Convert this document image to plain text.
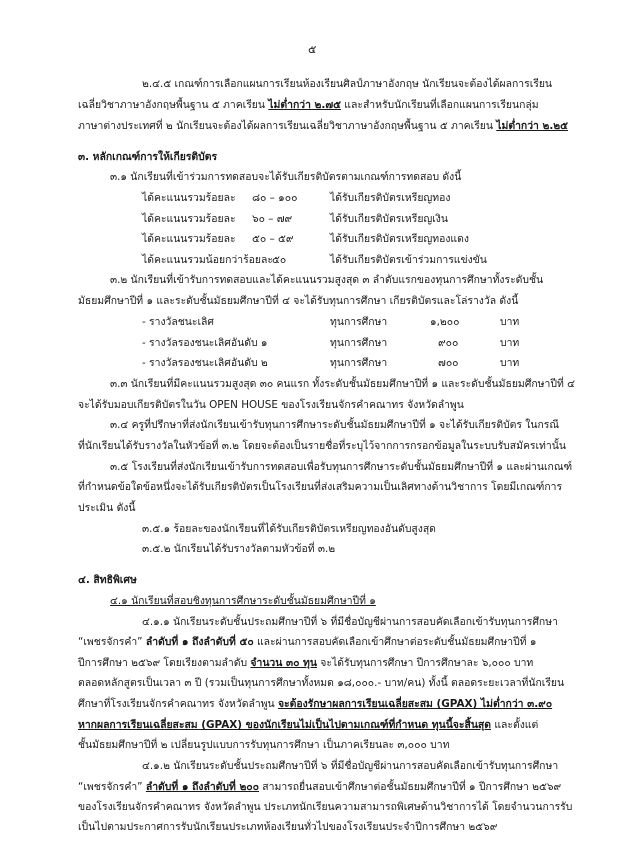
๕
๒.๔.๕ เกณฑ์การเลือกแผนการเรียนห้องเรียนศิลป์ภาษาอังกฤษ นักเรียนจะต้องได้ผลการเรียน
เฉลี่ยวิชาภาษาอังกฤษพื้นฐาน ๕ ภาคเรียน ไม่ต่ำกว่า ๒.๗๕ และสำหรับนักเรียนที่เลือกแผนการเรียนกลุ่ม
ภาษาต่างประเทศที่ ๒ นักเรียนจะต้องได้ผลการเรียนเฉลี่ยวิชาภาษาอังกฤษพื้นฐาน ๕ ภาคเรียน ไม่ต่ำกว่า ๒.๒๕
๓. หลักเกณฑ์การให้เกียรติบัตร
๓.๑ นักเรียนที่เข้าร่วมการทดสอบจะได้รับเกียรติบัตรตามเกณฑ์การทดสอบ ดังนี้
ได้คะแนนรวมร้อยละ ๘๐ – ๑๐๐	ได้รับเกียรติบัตรเหรียญทอง
ได้คะแนนรวมร้อยละ ๖๐ – ๗๙	ได้รับเกียรติบัตรเหรียญเงิน
ได้คะแนนรวมร้อยละ ๕๐ – ๕๙	ได้รับเกียรติบัตรเหรียญทองแดง
ได้คะแนนรวมน้อยกว่าร้อยละ ๕๐	ได้รับเกียรติบัตรเข้าร่วมการแข่งขัน
๓.๒ นักเรียนที่เข้ารับการทดสอบและได้คะแนนรวมสูงสุด ๓ ลำดับแรกของทุนการศึกษาทั้งระดับชั้น
มัธยมศึกษาปีที่ ๑ และระดับชั้นมัธยมศึกษาปีที่ ๔ จะได้รับทุนการศึกษา เกียรติบัตรและโล่รางวัล ดังนี้
- รางวัลชนะเลิศ	ทุนการศึกษา	๑,๒๐๐	บาท
- รางวัลรองชนะเลิศอันดับ ๑	ทุนการศึกษา	๙๐๐	บาท
- รางวัลรองชนะเลิศอันดับ ๒	ทุนการศึกษา	๗๐๐	บาท
๓.๓ นักเรียนที่มีคะแนนรวมสูงสุด ๓๐ คนแรก ทั้งระดับชั้นมัธยมศึกษาปีที่ ๑ และระดับชั้นมัธยมศึกษาปีที่ ๔
จะได้รับมอบเกียรติบัตรในวัน OPEN HOUSE ของโรงเรียนจักรคำคณาทร จังหวัดลำพูน
๓.๔ ครูที่ปรึกษาที่ส่งนักเรียนเข้ารับทุนการศึกษาระดับชั้นมัธยมศึกษาปีที่ ๑ จะได้รับเกียรติบัตร ในกรณี
ที่นักเรียนได้รับรางวัลในหัวข้อที่ ๓.๒ โดยจะต้องเป็นรายชื่อที่ระบุไว้จากการกรอกข้อมูลในระบบรับสมัครเท่านั้น
๓.๕ โรงเรียนที่ส่งนักเรียนเข้ารับการทดสอบเพื่อรับทุนการศึกษาระดับชั้นมัธยมศึกษาปีที่ ๑ และผ่านเกณฑ์
ที่กำหนดข้อใดข้อหนึ่งจะได้รับเกียรติบัตรเป็นโรงเรียนที่ส่งเสริมความเป็นเลิศทางด้านวิชาการ โดยมีเกณฑ์การ
ประเมิน ดังนี้
๓.๕.๑ ร้อยละของนักเรียนที่ได้รับเกียรติบัตรเหรียญทองอันดับสูงสุด
๓.๕.๒ นักเรียนได้รับรางวัลตามหัวข้อที่ ๓.๒
๔. สิทธิพิเศษ
๔.๑ นักเรียนที่สอบชิงทุนการศึกษาระดับชั้นมัธยมศึกษาปีที่ ๑
๔.๑.๑ นักเรียนระดับชั้นประถมศึกษาปีที่ ๖ ที่มีชื่อบัญชีผ่านการสอบคัดเลือกเข้ารับทุนการศึกษา
“เพชรจักรคำ” ลำดับที่ ๑ ถึงลำดับที่ ๕๐ และผ่านการสอบคัดเลือกเข้าศึกษาต่อระดับชั้นมัธยมศึกษาปีที่ ๑
ปีการศึกษา ๒๕๖๙ โดยเรียงตามลำดับ จำนวน ๓๐ ทุน จะได้รับทุนการศึกษา ปีการศึกษาละ ๖,๐๐๐ บาท
ตลอดหลักสูตรเป็นเวลา ๓ ปี (รวมเป็นทุนการศึกษาทั้งหมด ๑๘,๐๐๐.- บาท/คน) ทั้งนี้ ตลอดระยะเวลาที่นักเรียน
ศึกษาที่โรงเรียนจักรคำคณาทร จังหวัดลำพูน จะต้องรักษาผลการเรียนเฉลี่ยสะสม (GPAX) ไม่ต่ำกว่า ๓.๙๐
หากผลการเรียนเฉลี่ยสะสม (GPAX) ของนักเรียนไม่เป็นไปตามเกณฑ์ที่กำหนด ทุนนี้จะสิ้นสุด และตั้งแต่
ชั้นมัธยมศึกษาปีที่ ๒ เปลี่ยนรูปแบบการรับทุนการศึกษา เป็นภาคเรียนละ ๓,๐๐๐ บาท
๔.๑.๒ นักเรียนระดับชั้นประถมศึกษาปีที่ ๖ ที่มีชื่อบัญชีผ่านการสอบคัดเลือกเข้ารับทุนการศึกษา
“เพชรจักรคำ” ลำดับที่ ๑ ถึงลำดับที่ ๒๐๐ สามารถยื่นสอบเข้าศึกษาต่อชั้นมัธยมศึกษาปีที่ ๑ ปีการศึกษา ๒๕๖๙
ของโรงเรียนจักรคำคณาทร จังหวัดลำพูน ประเภทนักเรียนความสามารถพิเศษด้านวิชาการได้ โดยจำนวนการรับ
เป็นไปตามประกาศการรับนักเรียนประเภทห้องเรียนทั่วไปของโรงเรียนประจำปีการศึกษา ๒๕๖๙
